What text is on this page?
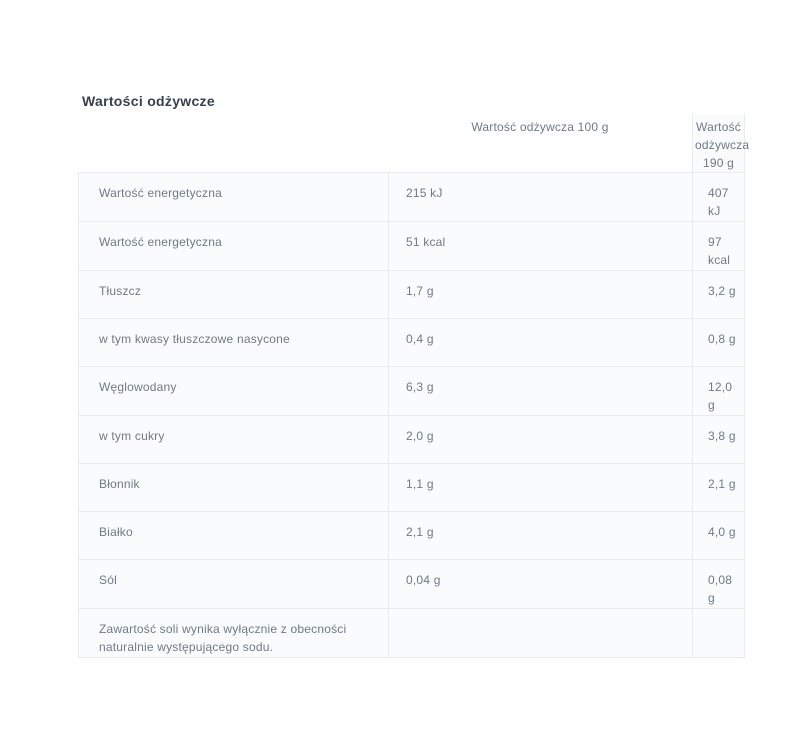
Wartości odżywcze
	Wartość odżywcza 100 g	Wartość odżywcza 190 g
Wartość energetyczna	215 kJ	407 kJ
Wartość energetyczna	51 kcal	97 kcal
Tłuszcz	1,7 g	3,2 g
w tym kwasy tłuszczowe nasycone	0,4 g	0,8 g
Węglowodany	6,3 g	12,0 g
w tym cukry	2,0 g	3,8 g
Błonnik	1,1 g	2,1 g
Białko	2,1 g	4,0 g
Sól	0,04 g	0,08 g
Zawartość soli wynika wyłącznie z obecności naturalnie występującego sodu.		
